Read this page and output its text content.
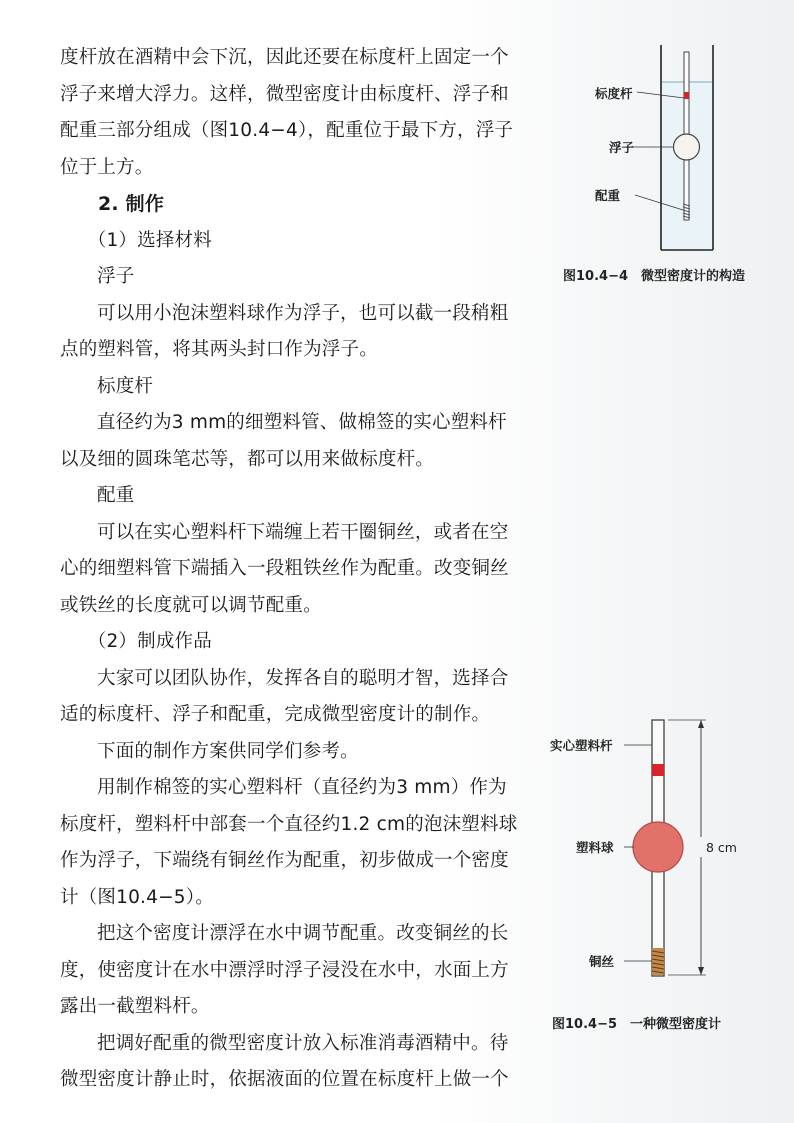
度杆放在酒精中会下沉，因此还要在标度杆上固定一个浮子来增大浮力。这样，微型密度计由标度杆、浮子和配重三部分组成（图10.4−4），配重位于最下方，浮子位于上方。

2. 制作

（1）选择材料

浮子

可以用小泡沫塑料球作为浮子，也可以截一段稍粗点的塑料管，将其两头封口作为浮子。

标度杆

直径约为3 mm的细塑料管、做棉签的实心塑料杆以及细的圆珠笔芯等，都可以用来做标度杆。

配重

可以在实心塑料杆下端缠上若干圈铜丝，或者在空心的细塑料管下端插入一段粗铁丝作为配重。改变铜丝或铁丝的长度就可以调节配重。

（2）制成作品

大家可以团队协作，发挥各自的聪明才智，选择合适的标度杆、浮子和配重，完成微型密度计的制作。

下面的制作方案供同学们参考。

用制作棉签的实心塑料杆（直径约为3 mm）作为标度杆，塑料杆中部套一个直径约1.2 cm的泡沫塑料球作为浮子，下端绕有铜丝作为配重，初步做成一个密度计（图10.4−5）。

把这个密度计漂浮在水中调节配重。改变铜丝的长度，使密度计在水中漂浮时浮子浸没在水中，水面上方露出一截塑料杆。

把调好配重的微型密度计放入标准消毒酒精中。待微型密度计静止时，依据液面的位置在标度杆上做一个

标度杆
浮子
配重
图10.4−4　微型密度计的构造
8 cm
实心塑料杆
塑料球
铜丝
图10.4−5　一种微型密度计
